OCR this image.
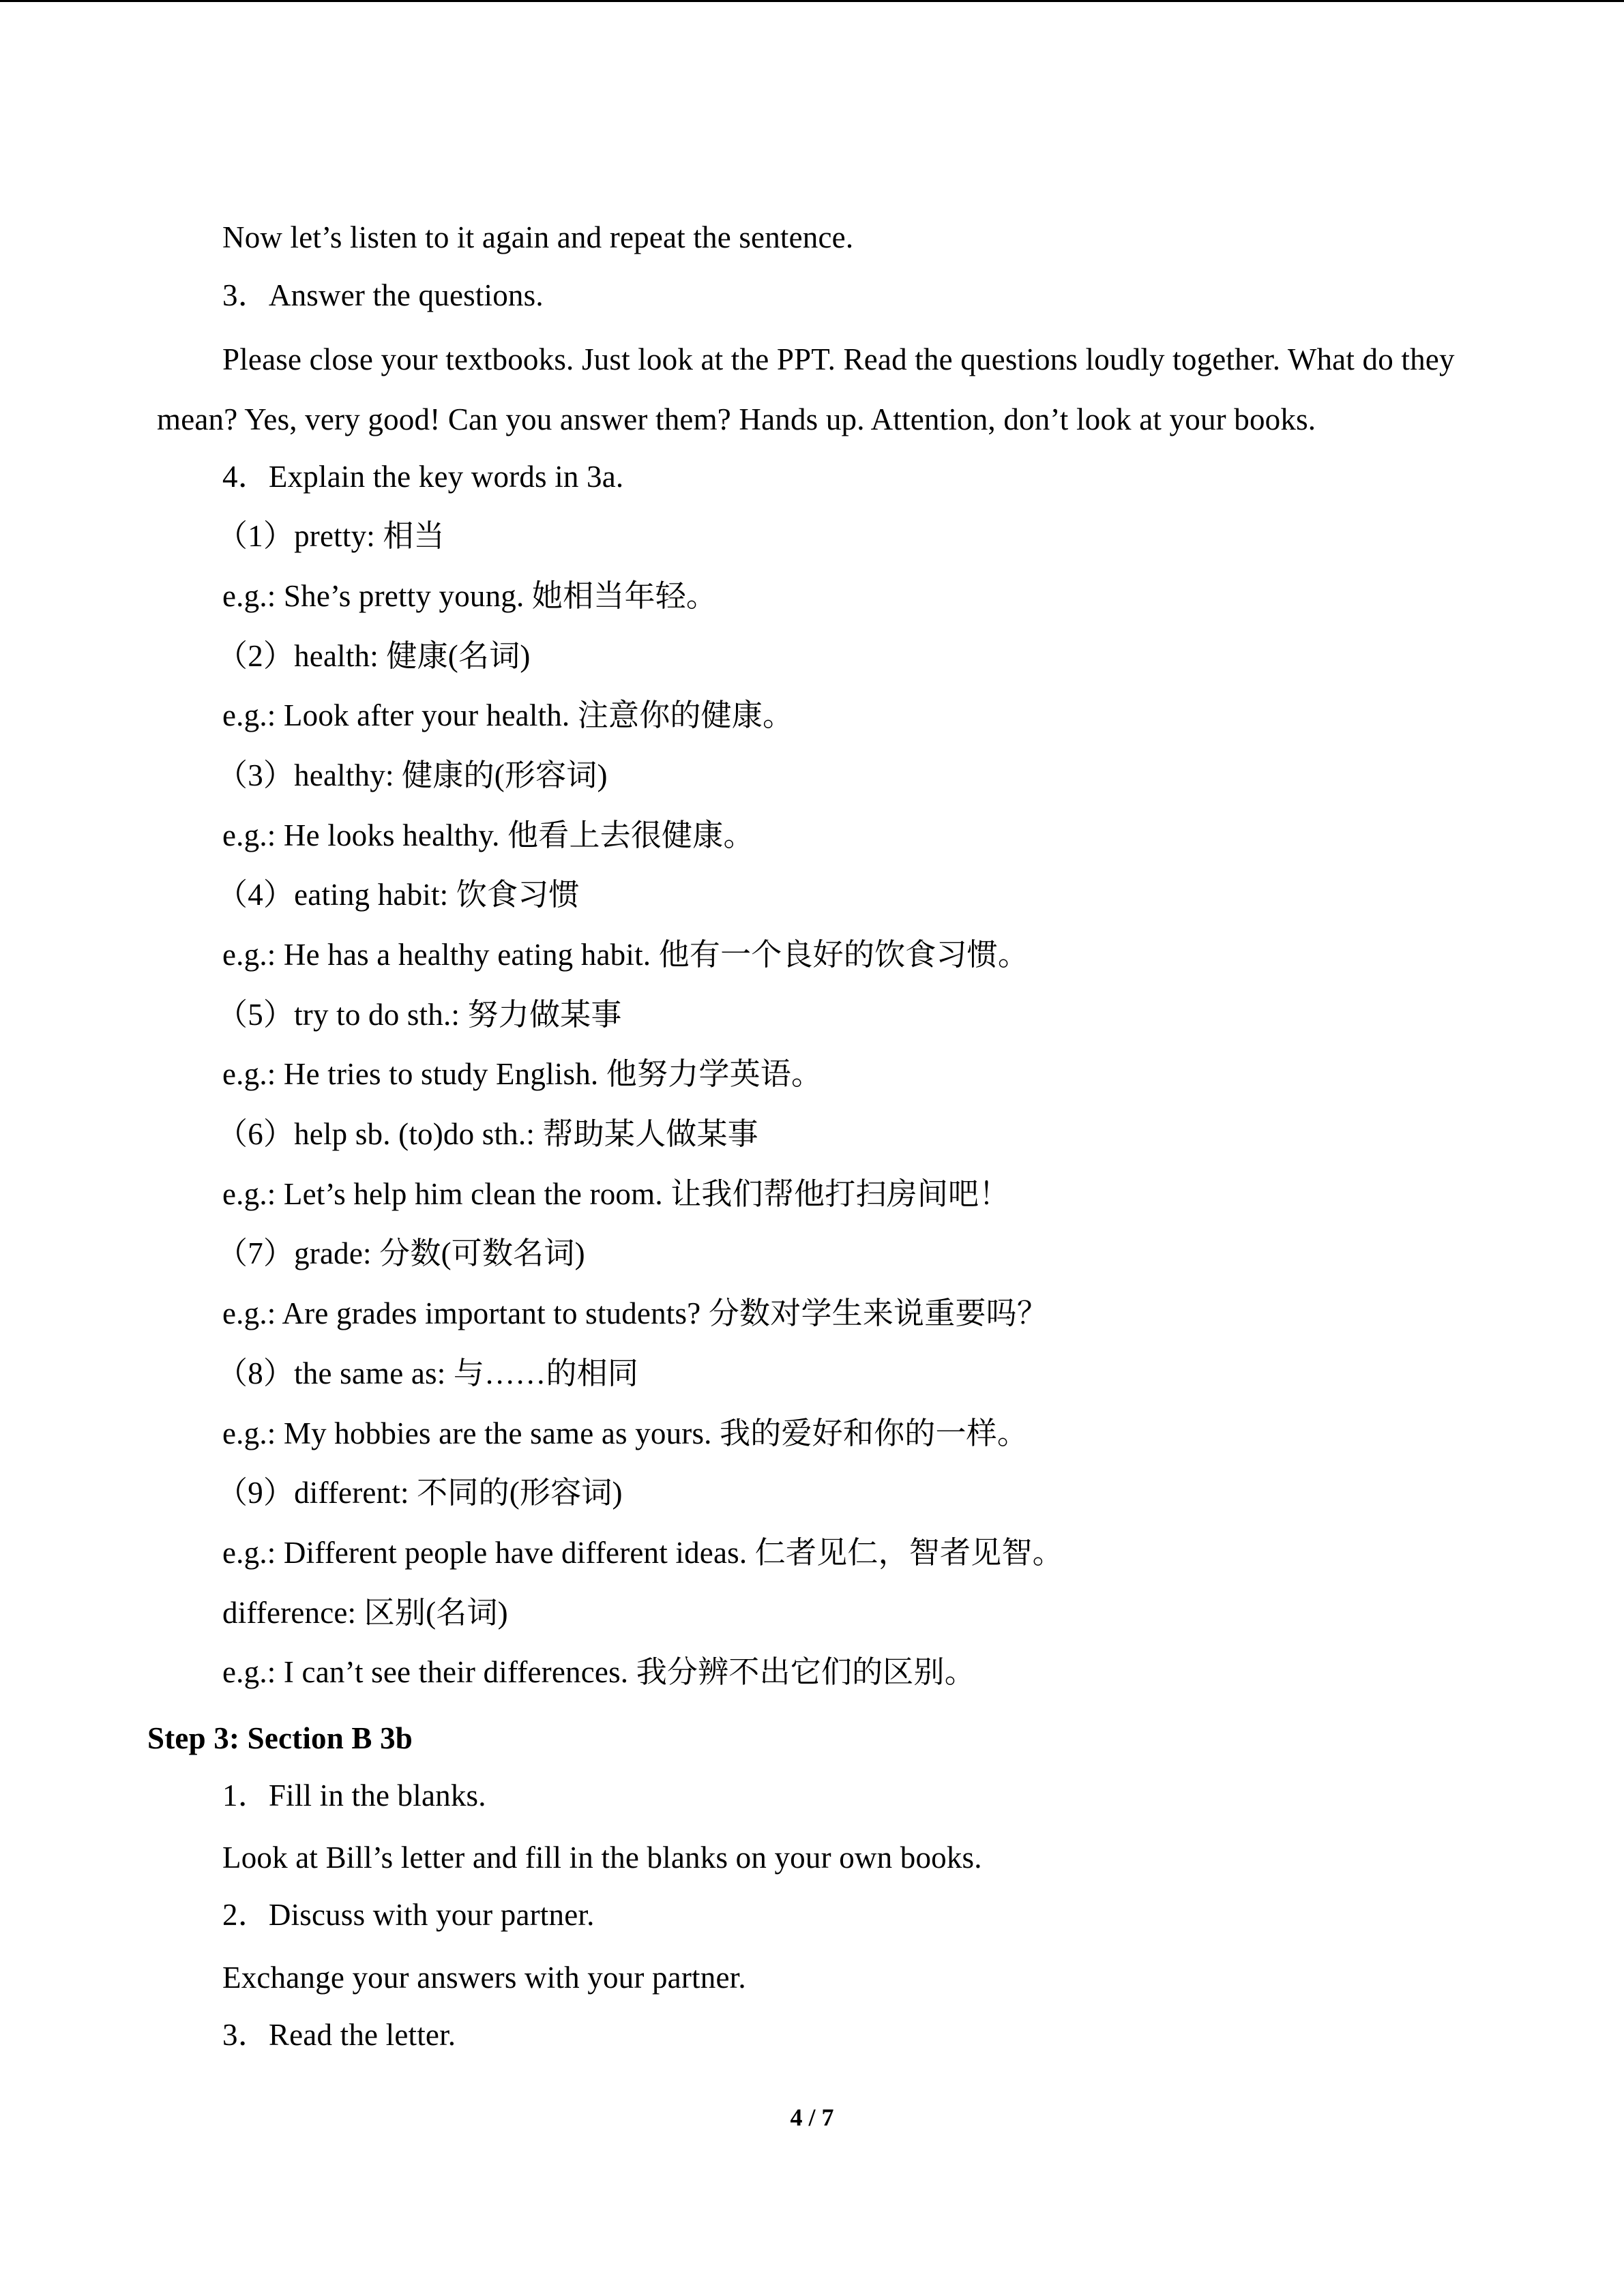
Now let’s listen to it again and repeat the sentence.
3．Answer the questions.
Please close your textbooks. Just look at the PPT. Read the questions loudly together. What do they mean? Yes, very good! Can you answer them? Hands up. Attention, don’t look at your books.
4．Explain the key words in 3a.
（1）pretty: 相当
e.g.: She’s pretty young. 她相当年轻。
（2）health: 健康(名词)
e.g.: Look after your health. 注意你的健康。
（3）healthy: 健康的(形容词)
e.g.: He looks healthy. 他看上去很健康。
（4）eating habit: 饮食习惯
e.g.: He has a healthy eating habit. 他有一个良好的饮食习惯。
（5）try to do sth.: 努力做某事
e.g.: He tries to study English. 他努力学英语。
（6）help sb. (to)do sth.: 帮助某人做某事
e.g.: Let’s help him clean the room. 让我们帮他打扫房间吧！
（7）grade: 分数(可数名词)
e.g.: Are grades important to students? 分数对学生来说重要吗？
（8）the same as: 与……的相同
e.g.: My hobbies are the same as yours. 我的爱好和你的一样。
（9）different: 不同的(形容词)
e.g.: Different people have different ideas. 仁者见仁，智者见智。
difference: 区别(名词)
e.g.: I can’t see their differences. 我分辨不出它们的区别。
Step 3: Section B 3b
1．Fill in the blanks.
Look at Bill’s letter and fill in the blanks on your own books.
2．Discuss with your partner.
Exchange your answers with your partner.
3．Read the letter.
4 / 7
